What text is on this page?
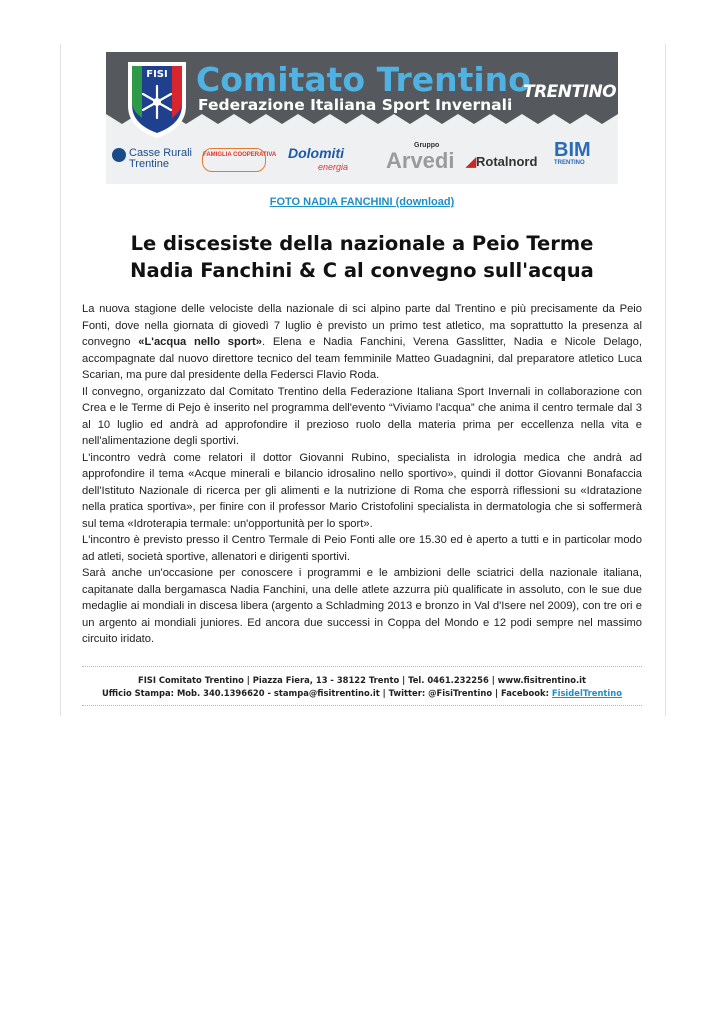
FISI Comitato Trentino
Federazione Italiana Sport Invernali
TRENTINO
Casse Rurali
Trentine
FAMIGLIA COOPERATIVA Dolomiti
energia
Gruppo
Arvedi ◢Rotalnord
BIM
TRENTINO
FOTO NADIA FANCHINI (download)
Le discesiste della nazionale a Peio Terme
Nadia Fanchini & C al convegno sull'acqua

La nuova stagione delle velociste della nazionale di sci alpino parte dal Trentino e più precisamente da Peio Fonti, dove nella giornata di giovedì 7 luglio è previsto un primo test atletico, ma soprattutto la presenza al convegno «L'acqua nello sport». Elena e Nadia Fanchini, Verena Gasslitter, Nadia e Nicole Delago, accompagnate dal nuovo direttore tecnico del team femminile Matteo Guadagnini, dal preparatore atletico Luca Scarian, ma pure dal presidente della Federsci Flavio Roda.

Il convegno, organizzato dal Comitato Trentino della Federazione Italiana Sport Invernali in collaborazione con Crea e le Terme di Pejo è inserito nel programma dell'evento “Viviamo l'acqua” che anima il centro termale dal 3 al 10 luglio ed andrà ad approfondire il prezioso ruolo della materia prima per eccellenza nella vita e nell'alimentazione degli sportivi.

L'incontro vedrà come relatori il dottor Giovanni Rubino, specialista in idrologia medica che andrà ad approfondire il tema «Acque minerali e bilancio idrosalino nello sportivo», quindi il dottor Giovanni Bonafaccia dell'Istituto Nazionale di ricerca per gli alimenti e la nutrizione di Roma che esporrà riflessioni su «Idratazione nella pratica sportiva», per finire con il professor Mario Cristofolini specialista in dermatologia che si soffermerà sul tema «Idroterapia termale: un'opportunità per lo sport».

L'incontro è previsto presso il Centro Termale di Peio Fonti alle ore 15.30 ed è aperto a tutti e in particolar modo ad atleti, società sportive, allenatori e dirigenti sportivi.

Sarà anche un'occasione per conoscere i programmi e le ambizioni delle sciatrici della nazionale italiana, capitanate dalla bergamasca Nadia Fanchini, una delle atlete azzurra più qualificate in assoluto, con le sue due medaglie ai mondiali in discesa libera (argento a Schladming 2013 e bronzo in Val d'Isere nel 2009), con tre ori e un argento ai mondiali juniores. Ed ancora due successi in Coppa del Mondo e 12 podi sempre nel massimo circuito iridato.

FISI Comitato Trentino | Piazza Fiera, 13 - 38122 Trento | Tel. 0461.232256 | www.fisitrentino.it
Ufficio Stampa: Mob. 340.1396620 - stampa@fisitrentino.it | Twitter: @FisiTrentino | Facebook: FisidelTrentino
